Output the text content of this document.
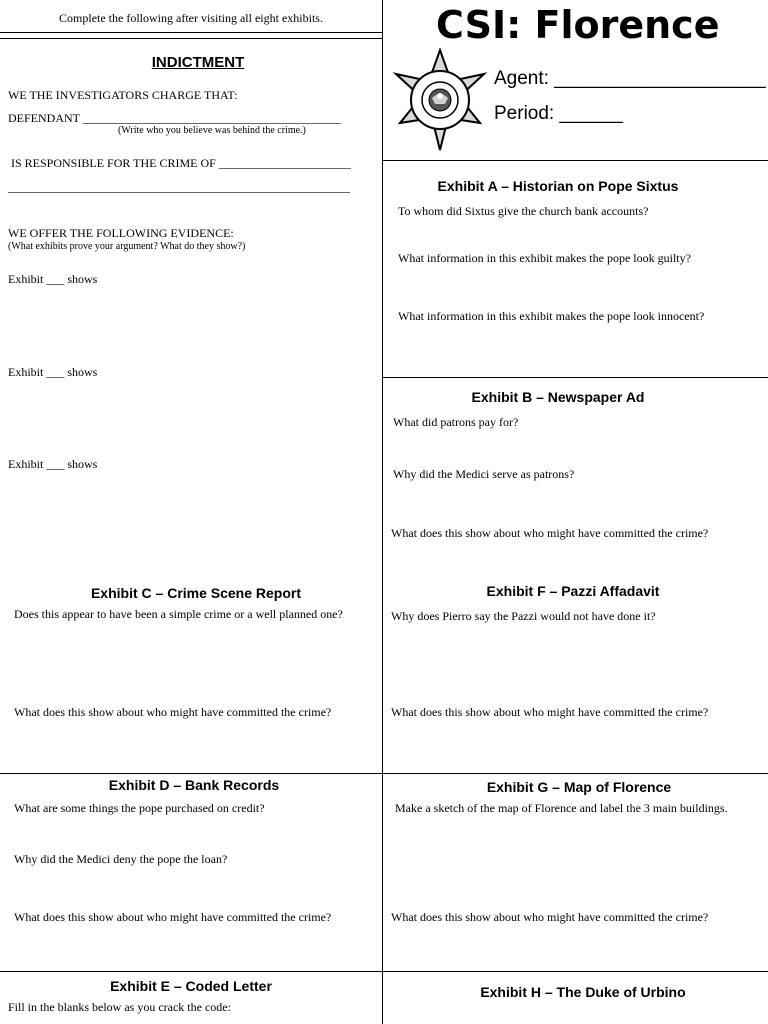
Complete the following after visiting all eight exhibits.
INDICTMENT
WE THE INVESTIGATORS CHARGE THAT:
DEFENDANT ___________________________________________
(Write who you believe was behind the crime.)
IS RESPONSIBLE FOR THE CRIME OF ______________________
_________________________________________________________
WE OFFER THE FOLLOWING EVIDENCE:
(What exhibits prove your argument? What do they show?)
Exhibit ___ shows
Exhibit ___ shows
Exhibit ___ shows
Exhibit C – Crime Scene Report
Does this appear to have been a simple crime or a well planned one?
What does this show about who might have committed the crime?
Exhibit D – Bank Records
What are some things the pope purchased on credit?
Why did the Medici deny the pope the loan?
What does this show about who might have committed the crime?
Exhibit E – Coded Letter
Fill in the blanks below as you crack the code:
CSI: Florence
Agent: ____________________
Period: ______
Exhibit A – Historian on Pope Sixtus
To whom did Sixtus give the church bank accounts?
What information in this exhibit makes the pope look guilty?
What information in this exhibit makes the pope look innocent?
Exhibit B – Newspaper Ad
What did patrons pay for?
Why did the Medici serve as patrons?
What does this show about who might have committed the crime?
Exhibit F – Pazzi Affadavit
Why does Pierro say the Pazzi would not have done it?
What does this show about who might have committed the crime?
Exhibit G – Map of Florence
Make a sketch of the map of Florence and label the 3 main buildings.
What does this show about who might have committed the crime?
Exhibit H – The Duke of Urbino
